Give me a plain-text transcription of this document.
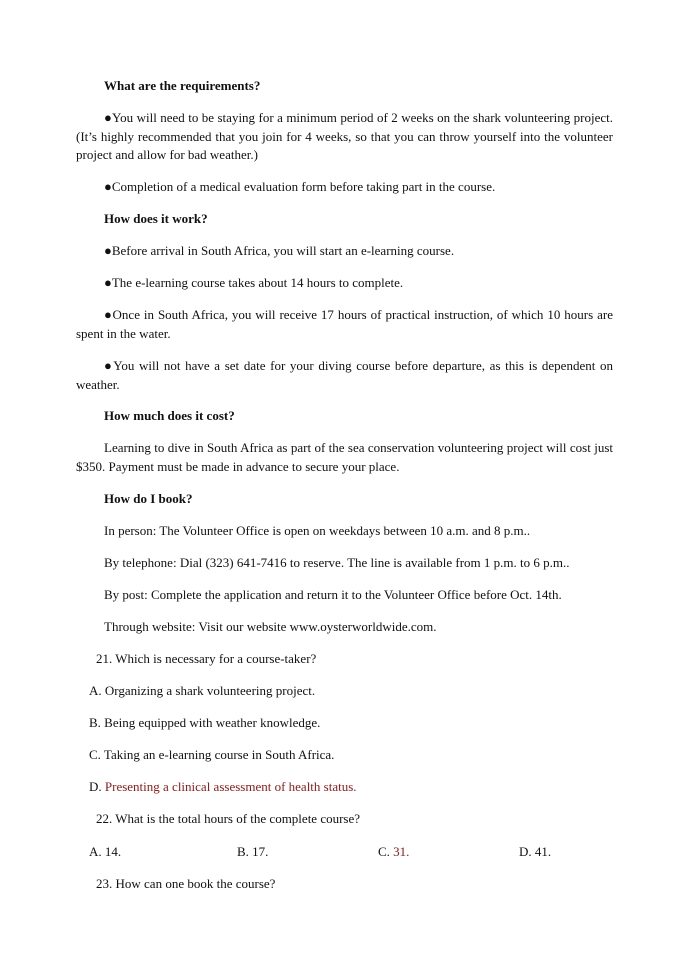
What are the requirements?
●You will need to be staying for a minimum period of 2 weeks on the shark volunteering project. (It’s highly recommended that you join for 4 weeks, so that you can throw yourself into the volunteer project and allow for bad weather.)
●Completion of a medical evaluation form before taking part in the course.
How does it work?
●Before arrival in South Africa, you will start an e-learning course.
●The e-learning course takes about 14 hours to complete.
●Once in South Africa, you will receive 17 hours of practical instruction, of which 10 hours are spent in the water.
●You will not have a set date for your diving course before departure, as this is dependent on weather.
How much does it cost?
Learning to dive in South Africa as part of the sea conservation volunteering project will cost just $350. Payment must be made in advance to secure your place.
How do I book?
In person: The Volunteer Office is open on weekdays between 10 a.m. and 8 p.m..
By telephone: Dial (323) 641-7416 to reserve. The line is available from 1 p.m. to 6 p.m..
By post: Complete the application and return it to the Volunteer Office before Oct. 14th.
Through website: Visit our website www.oysterworldwide.com.
21. Which is necessary for a course-taker?
A. Organizing a shark volunteering project.
B. Being equipped with weather knowledge.
C. Taking an e-learning course in South Africa.
D. Presenting a clinical assessment of health status.
22. What is the total hours of the complete course?
A. 14.	B. 17.	C. 31.	D. 41.
23. How can one book the course?
